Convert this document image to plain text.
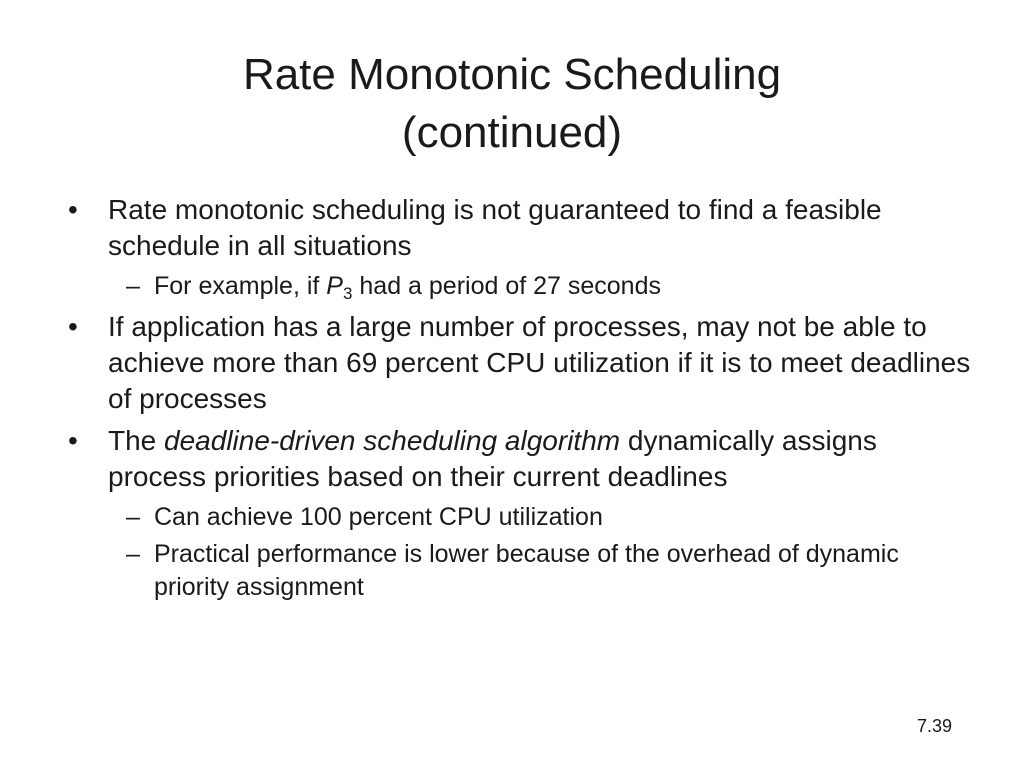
Rate Monotonic Scheduling
(continued)
• Rate monotonic scheduling is not guaranteed to find a feasible schedule in all situations
– For example, if $P_3$ had a period of 27 seconds
• If application has a large number of processes, may not be able to achieve more than 69 percent CPU utilization if it is to meet deadlines of processes
• The deadline-driven scheduling algorithm dynamically assigns process priorities based on their current deadlines
– Can achieve 100 percent CPU utilization
– Practical performance is lower because of the overhead of dynamic priority assignment
7.39
